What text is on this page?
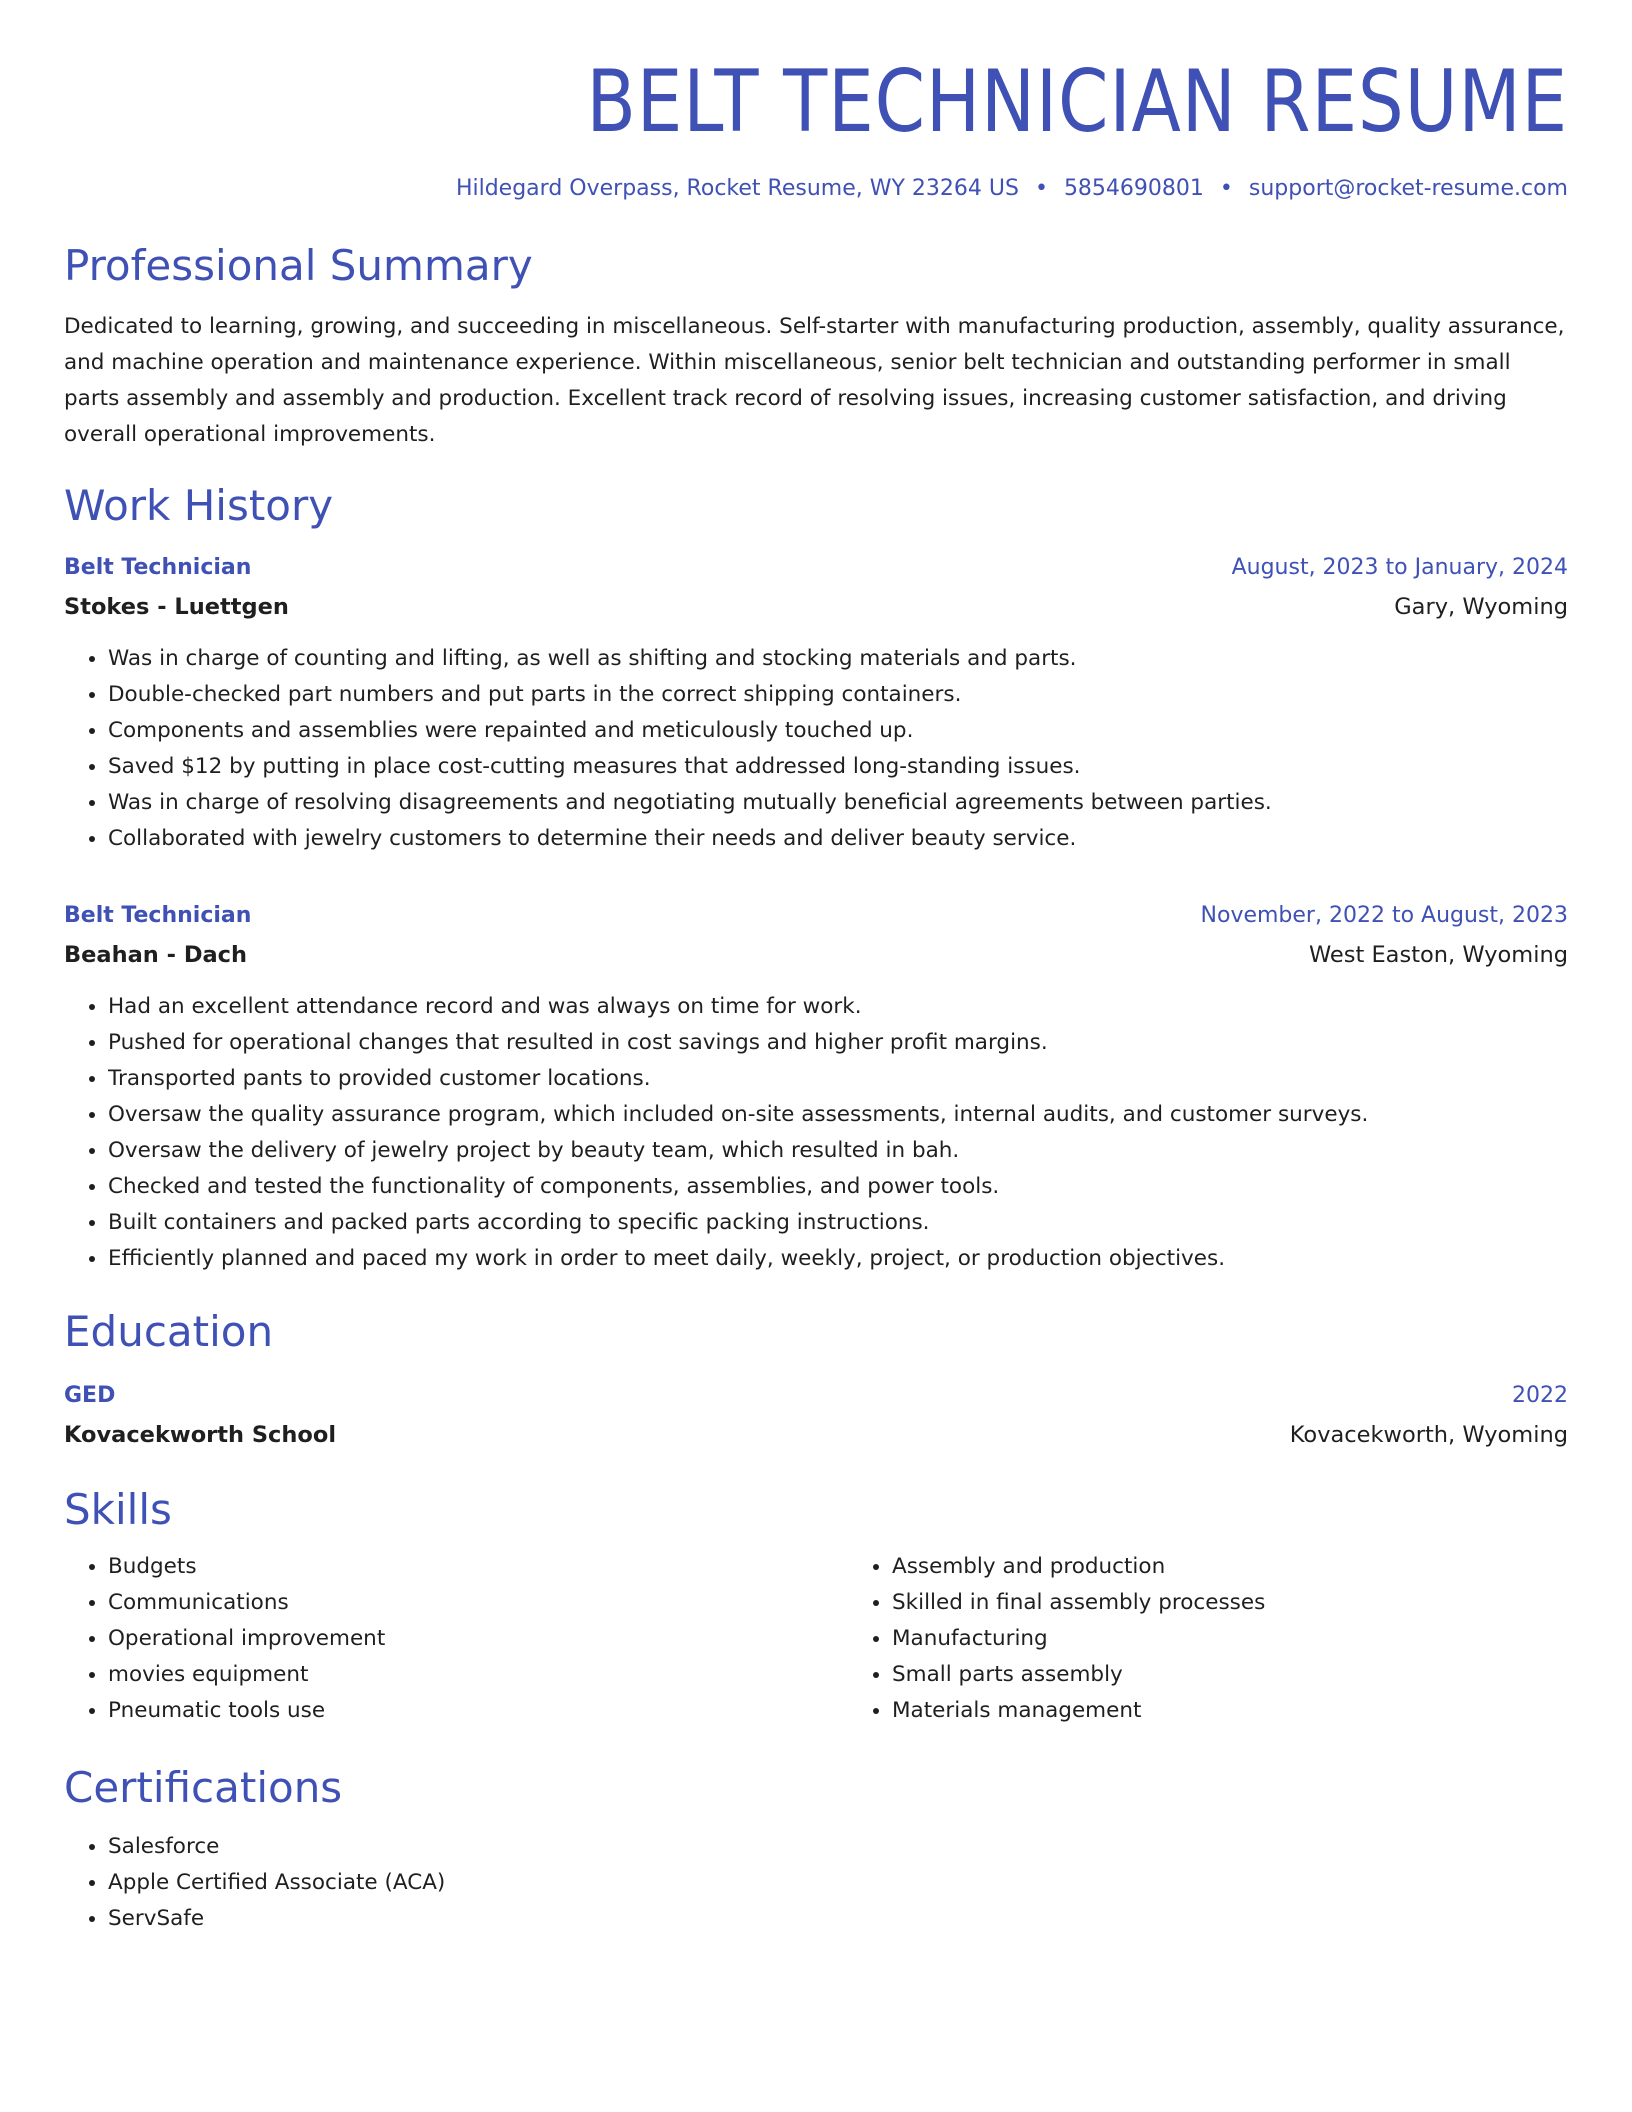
BELT TECHNICIAN RESUME
Hildegard Overpass, Rocket Resume, WY 23264 US • 5854690801 • support@rocket-resume.com
Professional Summary
Dedicated to learning, growing, and succeeding in miscellaneous. Self-starter with manufacturing production, assembly, quality assurance, and machine operation and maintenance experience. Within miscellaneous, senior belt technician and outstanding performer in small parts assembly and assembly and production. Excellent track record of resolving issues, increasing customer satisfaction, and driving overall operational improvements.
Work History
Belt Technician	August, 2023 to January, 2024
Stokes - Luettgen	Gary, Wyoming
• Was in charge of counting and lifting, as well as shifting and stocking materials and parts.
• Double-checked part numbers and put parts in the correct shipping containers.
• Components and assemblies were repainted and meticulously touched up.
• Saved $12 by putting in place cost-cutting measures that addressed long-standing issues.
• Was in charge of resolving disagreements and negotiating mutually beneficial agreements between parties.
• Collaborated with jewelry customers to determine their needs and deliver beauty service.
Belt Technician	November, 2022 to August, 2023
Beahan - Dach	West Easton, Wyoming
• Had an excellent attendance record and was always on time for work.
• Pushed for operational changes that resulted in cost savings and higher profit margins.
• Transported pants to provided customer locations.
• Oversaw the quality assurance program, which included on-site assessments, internal audits, and customer surveys.
• Oversaw the delivery of jewelry project by beauty team, which resulted in bah.
• Checked and tested the functionality of components, assemblies, and power tools.
• Built containers and packed parts according to specific packing instructions.
• Efficiently planned and paced my work in order to meet daily, weekly, project, or production objectives.
Education
GED	2022
Kovacekworth School	Kovacekworth, Wyoming
Skills
• Budgets
• Communications
• Operational improvement
• movies equipment
• Pneumatic tools use
• Assembly and production
• Skilled in final assembly processes
• Manufacturing
• Small parts assembly
• Materials management
Certifications
• Salesforce
• Apple Certified Associate (ACA)
• ServSafe
